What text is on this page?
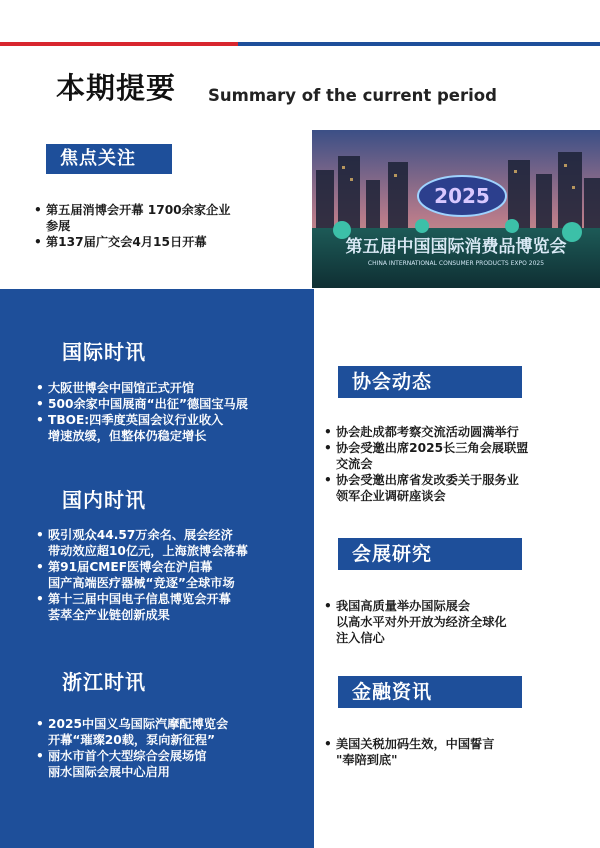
本期提要 Summary of the current period
焦点关注
• 第五届消博会开幕 1700余家企业
参展
• 第137届广交会4月15日开幕
2025
第五届中国国际消费品博览会
CHINA INTERNATIONAL CONSUMER PRODUCTS EXPO 2025
国际时讯
• 大阪世博会中国馆正式开馆
• 500余家中国展商“出征”德国宝马展
• TBOE:四季度英国会议行业收入
增速放缓，但整体仍稳定增长
国内时讯
• 吸引观众44.57万余名、展会经济
带动效应超10亿元，上海旅博会落幕
• 第91届CMEF医博会在沪启幕
国产高端医疗器械“竞逐”全球市场
• 第十三届中国电子信息博览会开幕
荟萃全产业链创新成果
浙江时讯
• 2025中国义乌国际汽摩配博览会
开幕“璀璨20载，泵向新征程”
• 丽水市首个大型综合会展场馆
丽水国际会展中心启用
协会动态
• 协会赴成都考察交流活动圆满举行
• 协会受邀出席2025长三角会展联盟
交流会
• 协会受邀出席省发改委关于服务业
领军企业调研座谈会
会展研究
• 我国高质量举办国际展会
以高水平对外开放为经济全球化
注入信心
金融资讯
• 美国关税加码生效，中国誓言
"奉陪到底"
